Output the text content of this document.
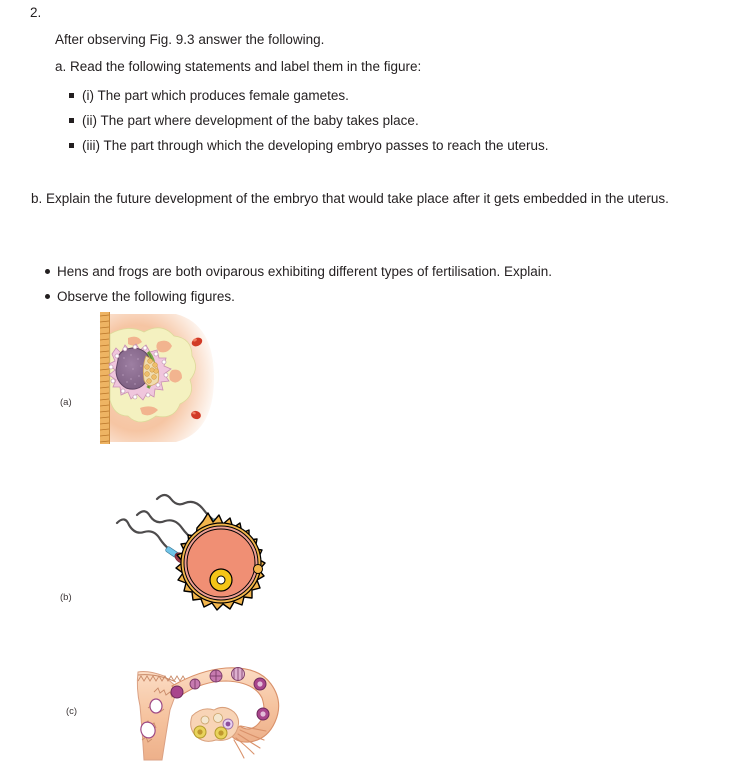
2.
After observing Fig. 9.3 answer the following.
a. Read the following statements and label them in the figure:
(i) The part which produces female gametes.
(ii) The part where development of the baby takes place.
(iii) The part through which the developing embryo passes to reach the uterus.
b. Explain the future development of the embryo that would take place after it gets embedded in the uterus.
Hens and frogs are both oviparous exhibiting different types of fertilisation. Explain.
Observe the following figures.
(a)
(b)
(c)
